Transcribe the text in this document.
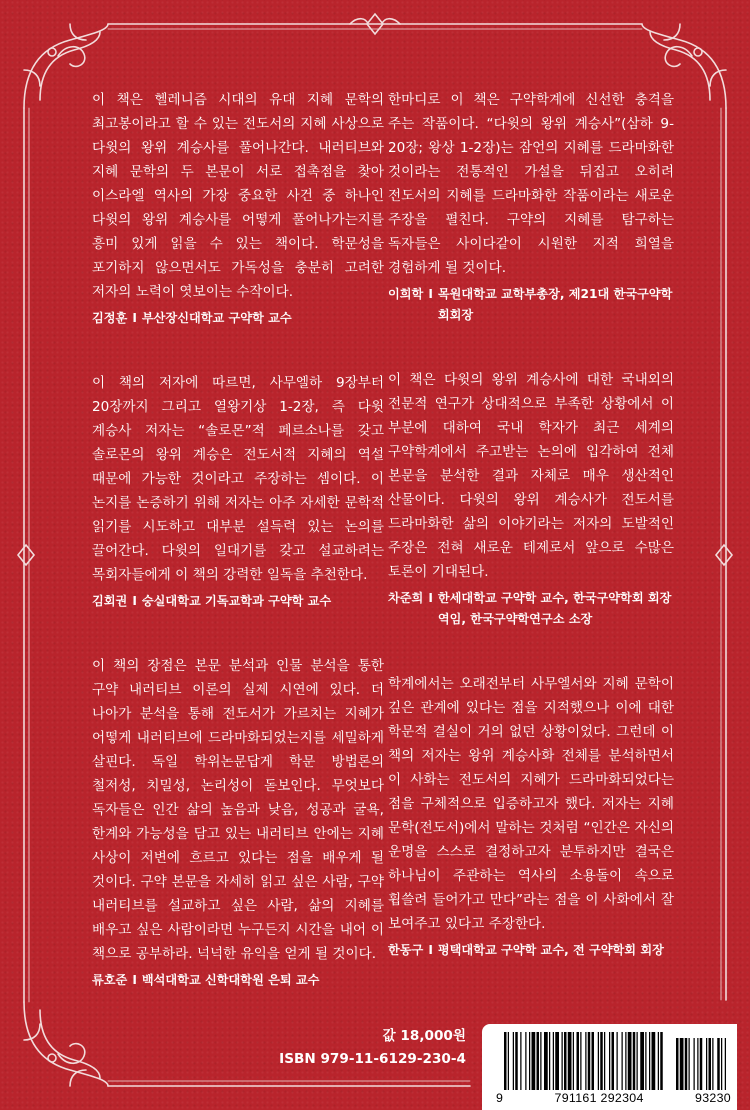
이 책은 헬레니즘 시대의 유대 지혜 문학의 최고봉이라고 할 수 있는 전도서의 지혜 사상으로 다윗의 왕위 계승사를 풀어나간다. 내러티브와 지혜 문학의 두 본문이 서로 접촉점을 찾아 이스라엘 역사의 가장 중요한 사건 중 하나인 다윗의 왕위 계승사를 어떻게 풀어나가는지를 흥미 있게 읽을 수 있는 책이다. 학문성을 포기하지 않으면서도 가독성을 충분히 고려한 저자의 노력이 엿보이는 수작이다.

김정훈 I 부산장신대학교 구약학 교수

이 책의 저자에 따르면, 사무엘하 9장부터 20장까지 그리고 열왕기상 1-2장, 즉 다윗 계승사 저자는 “솔로몬”적 페르소나를 갖고 솔로몬의 왕위 계승은 전도서적 지혜의 역설 때문에 가능한 것이라고 주장하는 셈이다. 이 논지를 논증하기 위해 저자는 아주 자세한 문학적 읽기를 시도하고 대부분 설득력 있는 논의를 끌어간다. 다윗의 일대기를 갖고 설교하려는 목회자들에게 이 책의 강력한 일독을 추천한다.

김회권 I 숭실대학교 기독교학과 구약학 교수

이 책의 장점은 본문 분석과 인물 분석을 통한 구약 내러티브 이론의 실제 시연에 있다. 더 나아가 분석을 통해 전도서가 가르치는 지혜가 어떻게 내러티브에 드라마화되었는지를 세밀하게 살핀다. 독일 학위논문답게 학문 방법론의 철저성, 치밀성, 논리성이 돋보인다. 무엇보다 독자들은 인간 삶의 높음과 낮음, 성공과 굴욕, 한계와 가능성을 담고 있는 내러티브 안에는 지혜 사상이 저변에 흐르고 있다는 점을 배우게 될 것이다. 구약 본문을 자세히 읽고 싶은 사람, 구약 내러티브를 설교하고 싶은 사람, 삶의 지혜를 배우고 싶은 사람이라면 누구든지 시간을 내어 이 책으로 공부하라. 넉넉한 유익을 얻게 될 것이다.

류호준 I 백석대학교 신학대학원 은퇴 교수

한마디로 이 책은 구약학계에 신선한 충격을 주는 작품이다. “다윗의 왕위 계승사”(삼하 9-20장; 왕상 1-2장)는 잠언의 지혜를 드라마화한 것이라는 전통적인 가설을 뒤집고 오히려 전도서의 지혜를 드라마화한 작품이라는 새로운 주장을 펼친다. 구약의 지혜를 탐구하는 독자들은 사이다같이 시원한 지적 희열을 경험하게 될 것이다.

이희학 I 목원대학교 교학부총장, 제21대 한국구약학회회장

이 책은 다윗의 왕위 계승사에 대한 국내외의 전문적 연구가 상대적으로 부족한 상황에서 이 부분에 대하여 국내 학자가 최근 세계의 구약학계에서 주고받는 논의에 입각하여 전체 본문을 분석한 결과 자체로 매우 생산적인 산물이다. 다윗의 왕위 계승사가 전도서를 드라마화한 삶의 이야기라는 저자의 도발적인 주장은 전혀 새로운 테제로서 앞으로 수많은 토론이 기대된다.

차준희 I 한세대학교 구약학 교수, 한국구약학회 회장 역임, 한국구약학연구소 소장

학계에서는 오래전부터 사무엘서와 지혜 문학이 깊은 관계에 있다는 점을 지적했으나 이에 대한 학문적 결실이 거의 없던 상황이었다. 그런데 이 책의 저자는 왕위 계승사화 전체를 분석하면서 이 사화는 전도서의 지혜가 드라마화되었다는 점을 구체적으로 입증하고자 했다. 저자는 지혜 문학(전도서)에서 말하는 것처럼 “인간은 자신의 운명을 스스로 결정하고자 분투하지만 결국은 하나님이 주관하는 역사의 소용돌이 속으로 휩쓸려 들어가고 만다”라는 점을 이 사화에서 잘 보여주고 있다고 주장한다.

한동구 I 평택대학교 구약학 교수, 전 구약학회 회장
값 18,000원
ISBN 979-11-6129-230-4
9	791161 292304	93230
